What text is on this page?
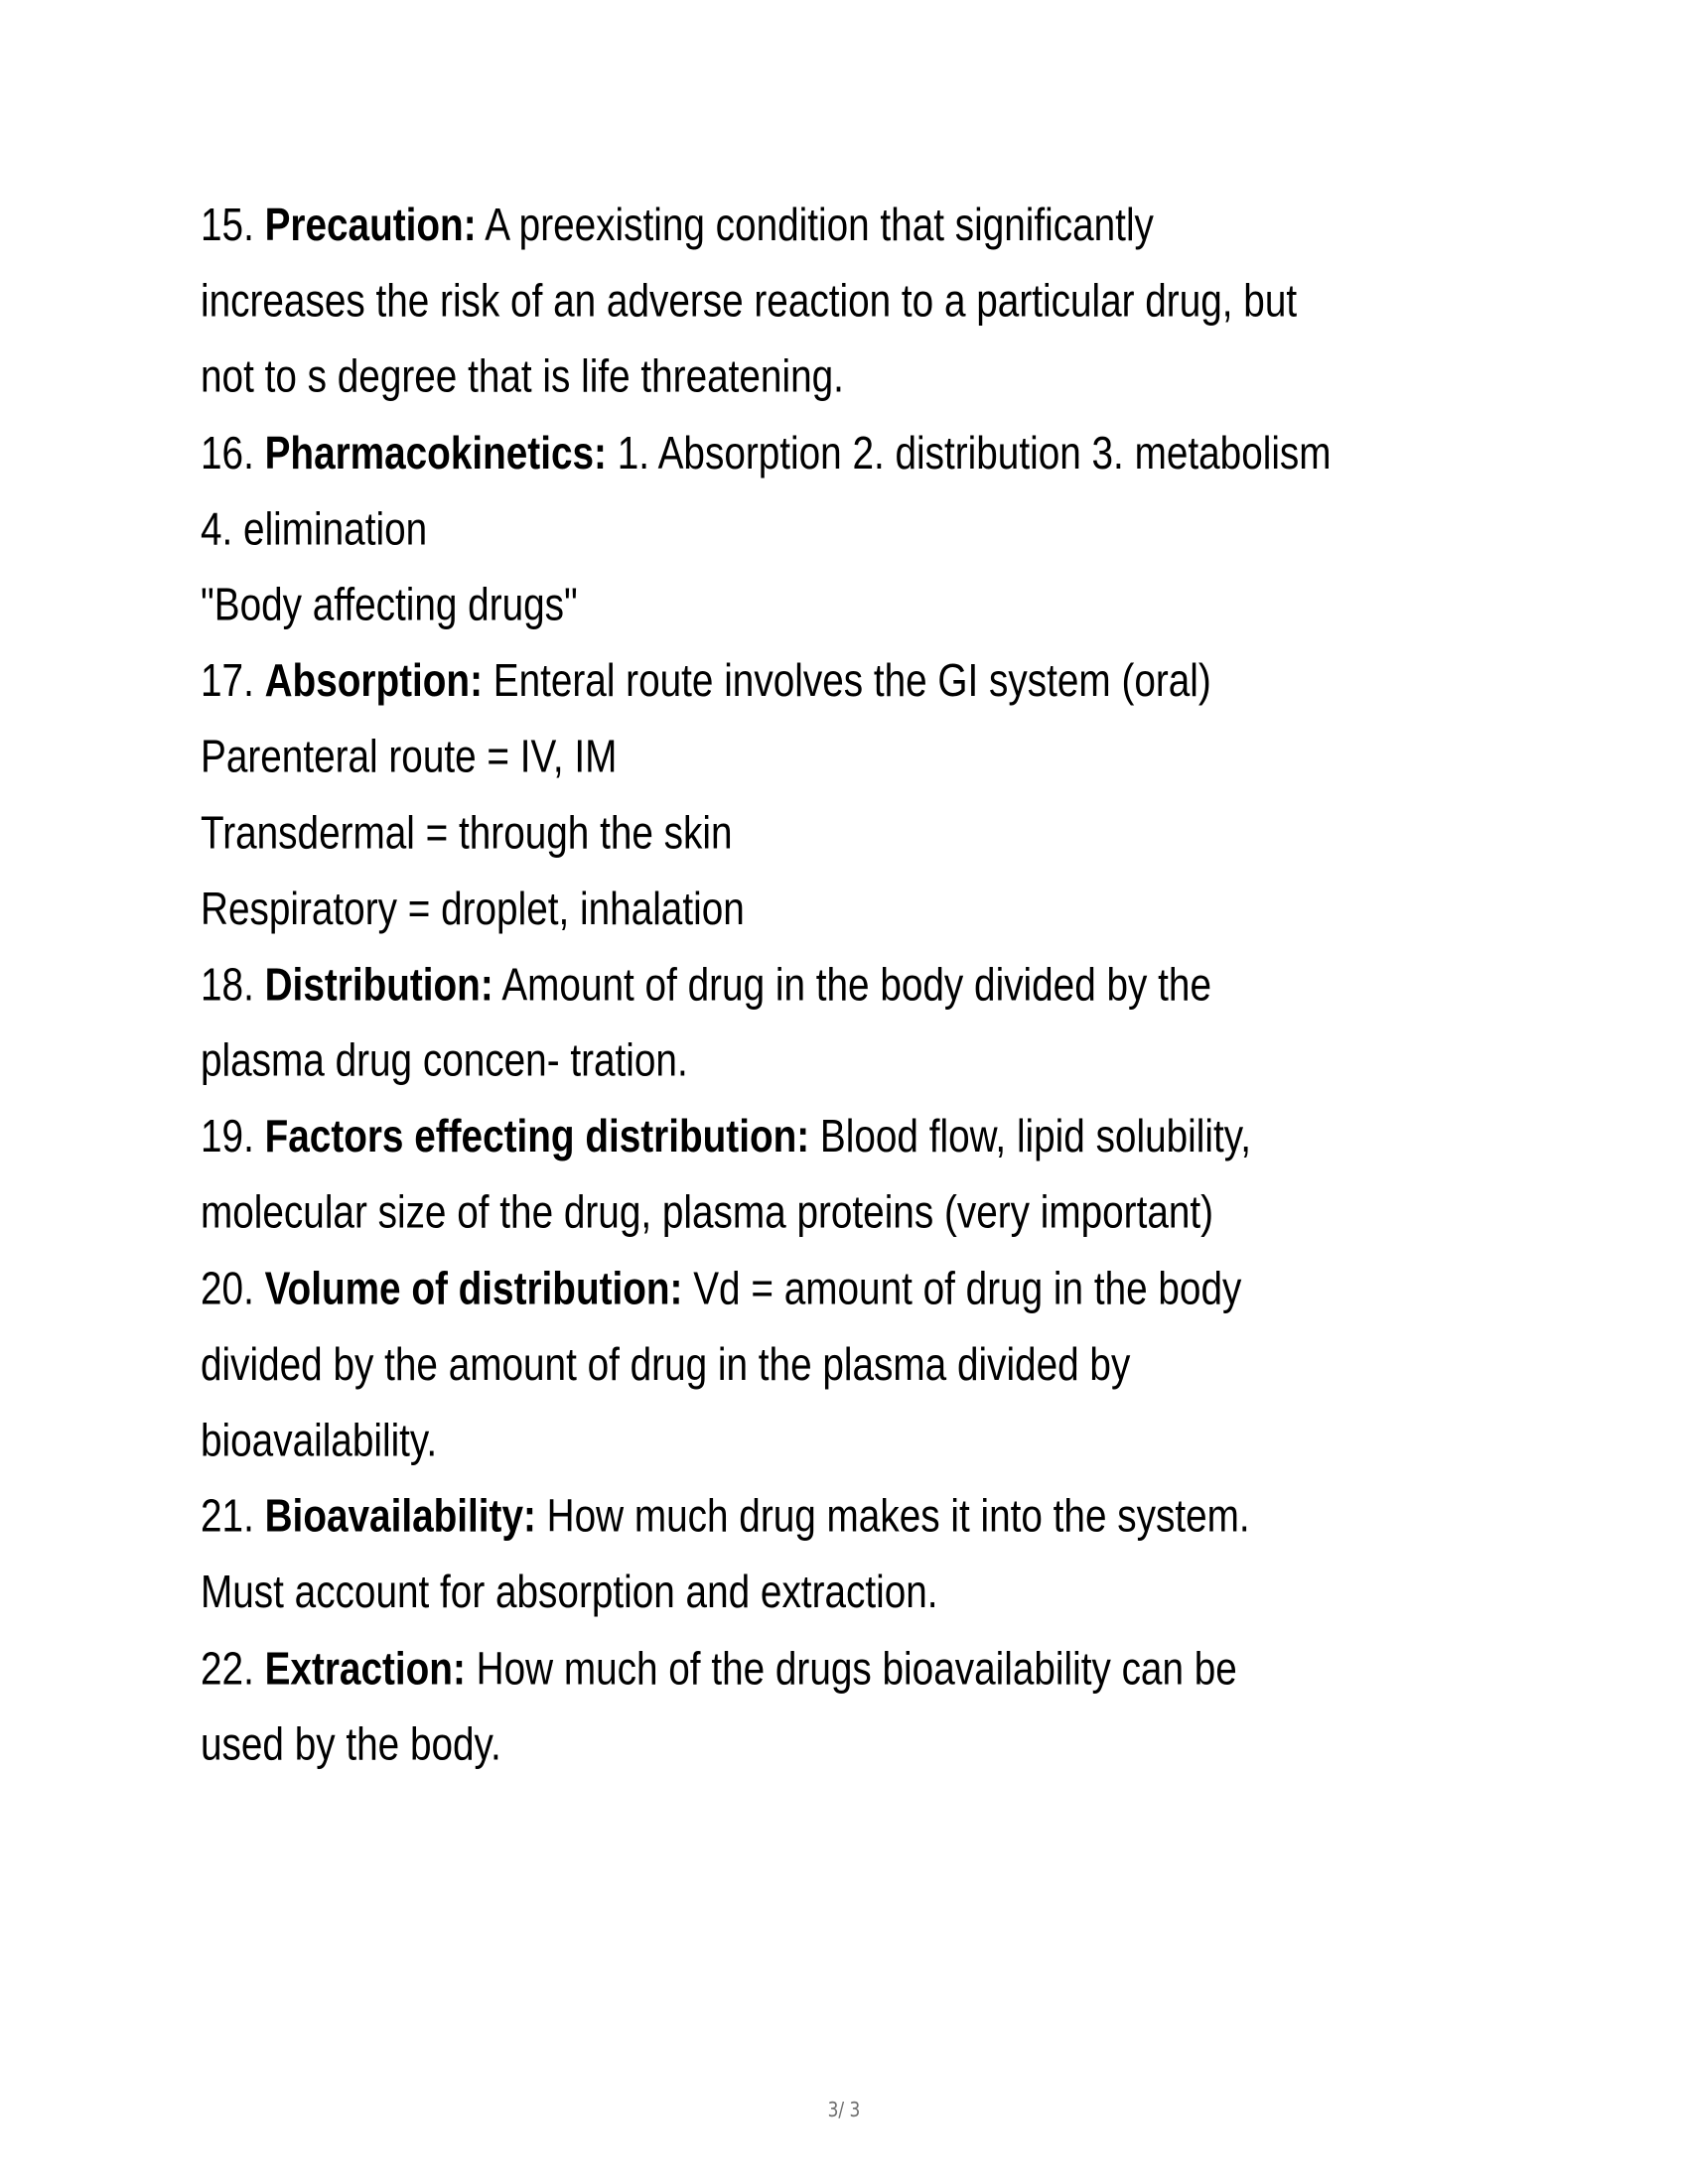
15. Precaution: A preexisting condition that significantly
increases the risk of an adverse reaction to a particular drug, but
not to s degree that is life threatening.
16. Pharmacokinetics: 1. Absorption 2. distribution 3. metabolism
4. elimination
"Body affecting drugs"
17. Absorption: Enteral route involves the GI system (oral)
Parenteral route = IV, IM
Transdermal = through the skin
Respiratory = droplet, inhalation
18. Distribution: Amount of drug in the body divided by the
plasma drug concen- tration.
19. Factors effecting distribution: Blood flow, lipid solubility,
molecular size of the drug, plasma proteins (very important)
20. Volume of distribution: Vd = amount of drug in the body
divided by the amount of drug in the plasma divided by
bioavailability.
21. Bioavailability: How much drug makes it into the system.
Must account for absorption and extraction.
22. Extraction: How much of the drugs bioavailability can be
used by the body.
3/ 3
